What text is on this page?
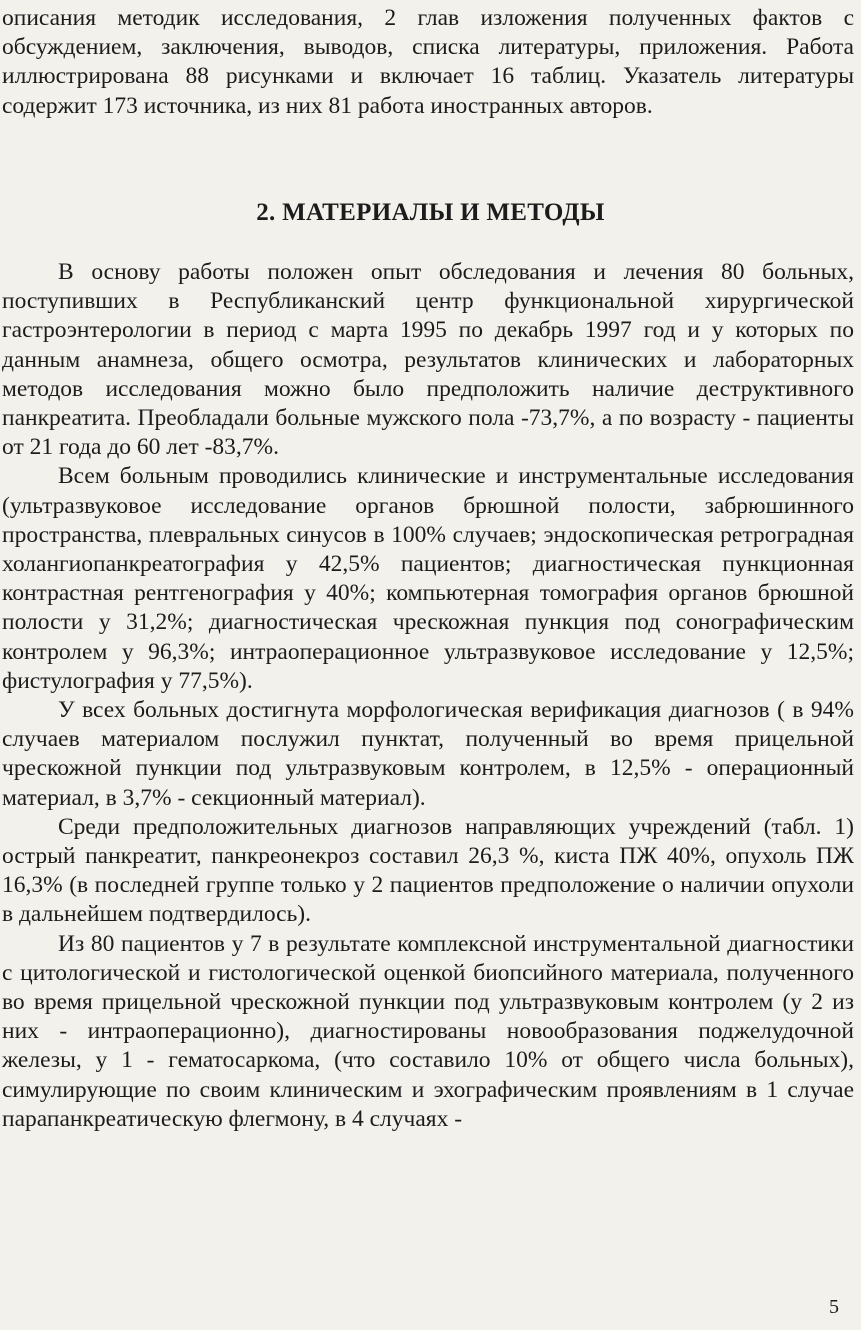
описания методик исследования, 2 глав изложения полученных фактов с обсуждением, заключения, выводов, списка литературы, приложения. Работа иллюстрирована 88 рисунками и включает 16 таблиц. Указатель литературы содержит 173 источника, из них 81 работа иностранных авторов.

2. МАТЕРИАЛЫ И МЕТОДЫ

В основу работы положен опыт обследования и лечения 80 больных, поступивших в Республиканский центр функциональной хирургической гастроэнтерологии в период с марта 1995 по декабрь 1997 год и у которых по данным анамнеза, общего осмотра, результатов клинических и лабораторных методов исследования можно было предположить наличие деструктивного панкреатита. Преобладали больные мужского пола -73,7%, а по возрасту - пациенты от 21 года до 60 лет -83,7%.

Всем больным проводились клинические и инструментальные исследования (ультразвуковое исследование органов брюшной полости, забрюшинного пространства, плевральных синусов в 100% случаев; эндоскопическая ретроградная холангиопанкреатография у 42,5% пациентов; диагностическая пункционная контрастная рентгенография у 40%; компьютерная томография органов брюшной полости у 31,2%; диагностическая чрескожная пункция под сонографическим контролем у 96,3%; интраоперационное ультразвуковое исследование у 12,5%; фистулография у 77,5%).

У всех больных достигнута морфологическая верификация диагнозов ( в 94% случаев материалом послужил пунктат, полученный во время прицельной чрескожной пункции под ультразвуковым контролем, в 12,5% - операционный материал, в 3,7% - секционный материал).

Среди предположительных диагнозов направляющих учреждений (табл. 1) острый панкреатит, панкреонекроз составил 26,3 %, киста ПЖ 40%, опухоль ПЖ 16,3% (в последней группе только у 2 пациентов предположение о наличии опухоли в дальнейшем подтвердилось).

Из 80 пациентов у 7 в результате комплексной инструментальной диагностики с цитологической и гистологической оценкой биопсийного материала, полученного во время прицельной чрескожной пункции под ультразвуковым контролем (у 2 из них - интраоперационно), диагностированы новообразования поджелудочной железы, у 1 - гематосаркома, (что составило 10% от общего числа больных), симулирующие по своим клиническим и эхографическим проявлениям в 1 случае парапанкреатическую флегмону, в 4 случаях -

5
